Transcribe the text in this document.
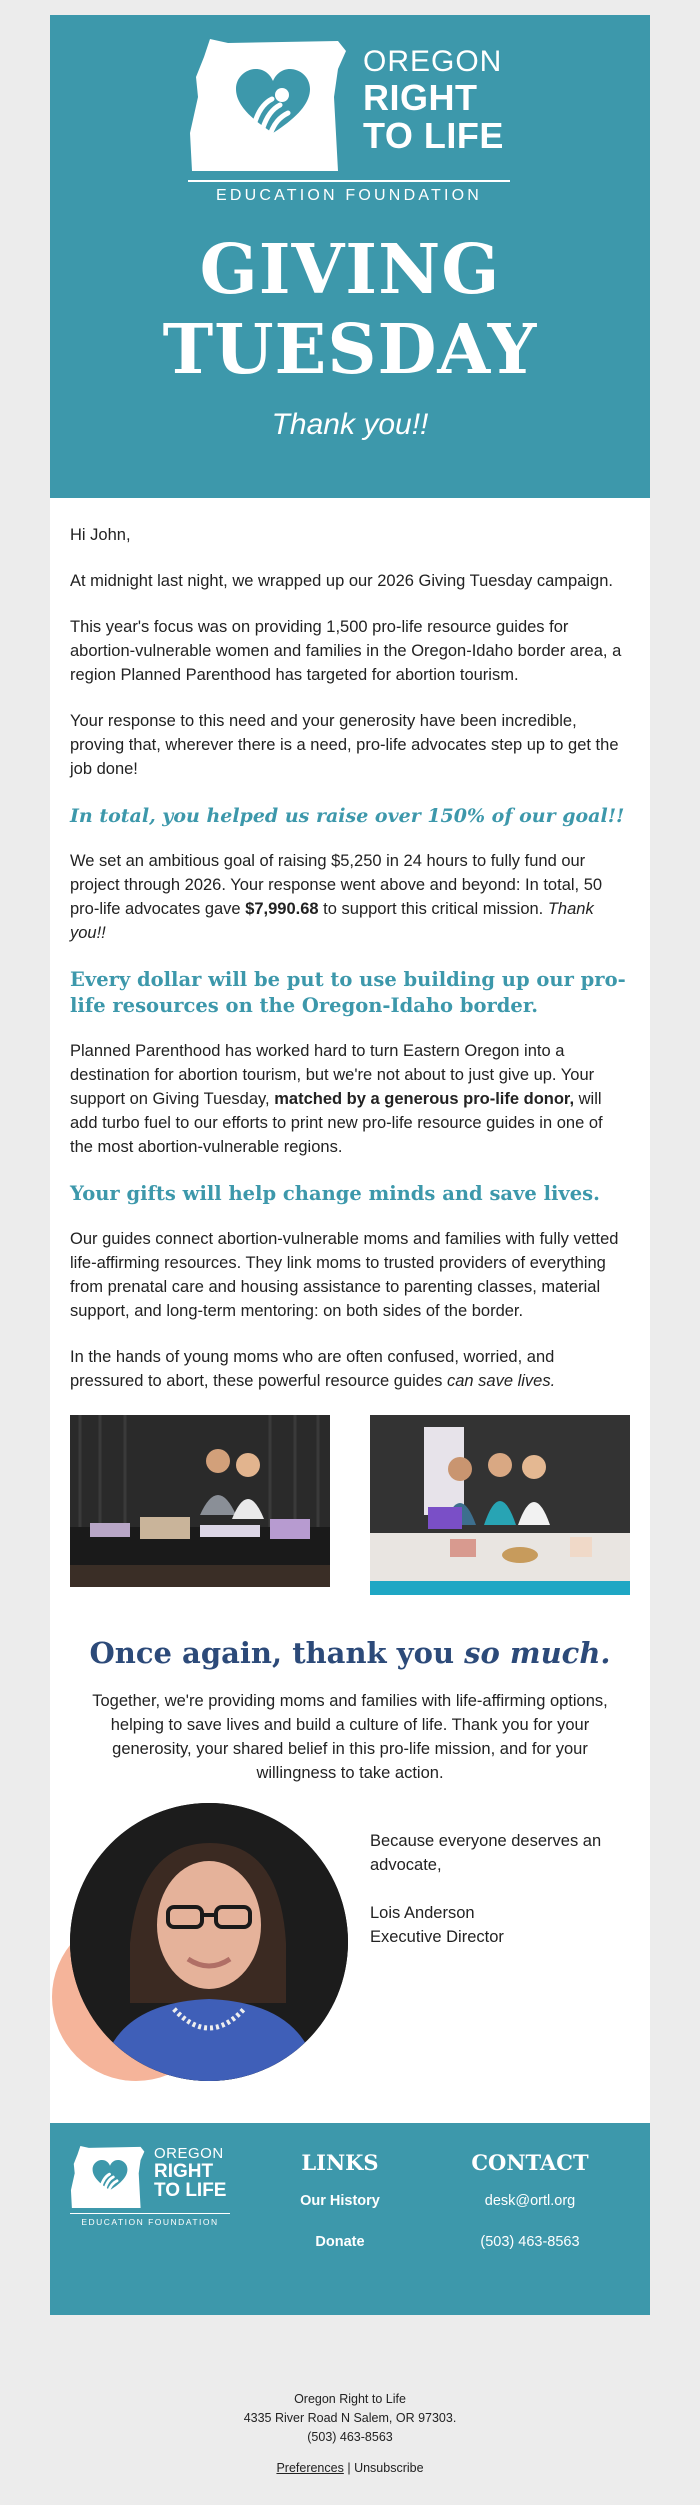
OREGON
RIGHT
TO LIFE
EDUCATION FOUNDATION
GIVING
TUESDAY
Thank you!!

Hi John,

At midnight last night, we wrapped up our 2026 Giving Tuesday campaign.

This year's focus was on providing 1,500 pro-life resource guides for abortion-vulnerable women and families in the Oregon-Idaho border area, a region Planned Parenthood has targeted for abortion tourism.

Your response to this need and your generosity have been incredible, proving that, wherever there is a need, pro-life advocates step up to get the job done!

In total, you helped us raise over 150% of our goal!!

We set an ambitious goal of raising $5,250 in 24 hours to fully fund our project through 2026. Your response went above and beyond: In total, 50 pro-life advocates gave $7,990.68 to support this critical mission. Thank you!!

Every dollar will be put to use building up our pro-life resources on the Oregon-Idaho border.

Planned Parenthood has worked hard to turn Eastern Oregon into a destination for abortion tourism, but we're not about to just give up. Your support on Giving Tuesday, matched by a generous pro-life donor, will add turbo fuel to our efforts to print new pro-life resource guides in one of the most abortion-vulnerable regions.

Your gifts will help change minds and save lives.

Our guides connect abortion-vulnerable moms and families with fully vetted life-affirming resources. They link moms to trusted providers of everything from prenatal care and housing assistance to parenting classes, material support, and long-term mentoring: on both sides of the border.

In the hands of young moms who are often confused, worried, and pressured to abort, these powerful resource guides can save lives.

Once again, thank you so much.
Together, we're providing moms and families with life-affirming options, helping to save lives and build a culture of life. Thank you for your generosity, your shared belief in this pro-life mission, and for your willingness to take action.
Because everyone deserves an advocate,
Lois Anderson
Executive Director
OREGON
RIGHT
TO LIFE
EDUCATION FOUNDATION
LINKS
Our History
Donate
CONTACT
desk@ortl.org
(503) 463-8563
Oregon Right to Life
4335 River Road N Salem, OR 97303.
(503) 463-8563
Preferences | Unsubscribe
